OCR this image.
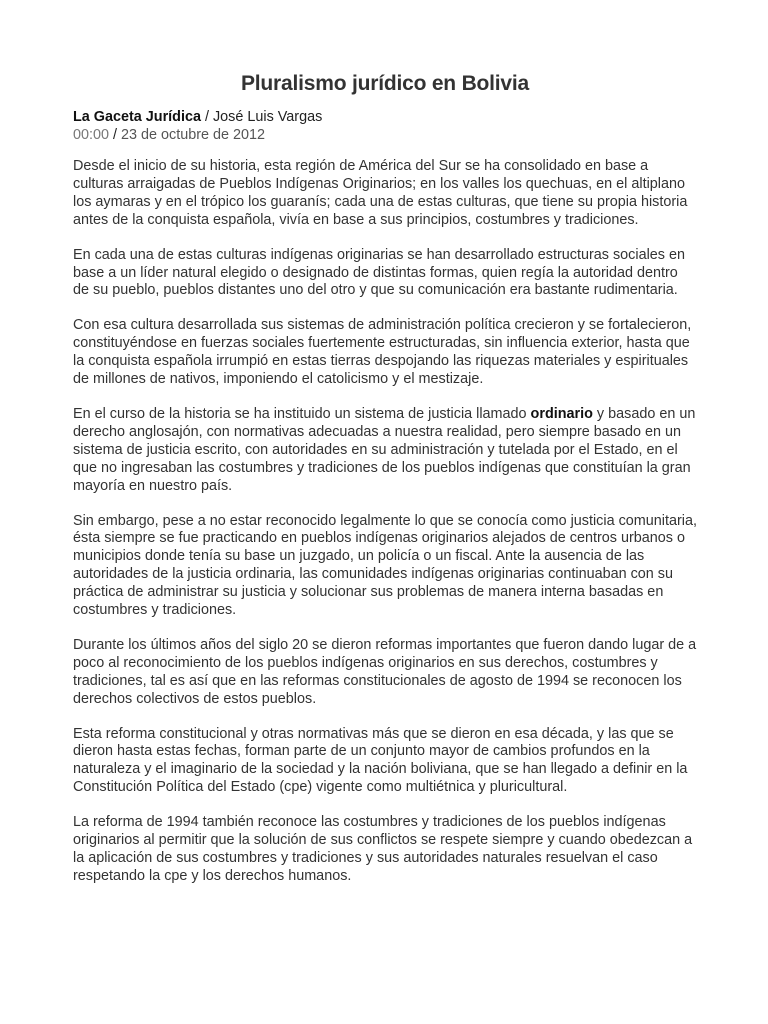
Pluralismo jurídico en Bolivia

La Gaceta Jurídica / José Luis Vargas

00:00 / 23 de octubre de 2012

Desde el inicio de su historia, esta región de América del Sur se ha consolidado en base a culturas arraigadas de Pueblos Indígenas Originarios; en los valles los quechuas, en el altiplano los aymaras y en el trópico los guaranís; cada una de estas culturas, que tiene su propia historia antes de la conquista española, vivía en base a sus principios, costumbres y tradiciones.

En cada una de estas culturas indígenas originarias se han desarrollado estructuras sociales en base a un líder natural elegido o designado de distintas formas, quien regía la autoridad dentro de su pueblo, pueblos distantes uno del otro y que su comunicación era bastante rudimentaria.

Con esa cultura desarrollada sus sistemas de administración política crecieron y se fortalecieron, constituyéndose en fuerzas sociales fuertemente estructuradas, sin influencia exterior, hasta que la conquista española irrumpió en estas tierras despojando las riquezas materiales y espirituales de millones de nativos, imponiendo el catolicismo y el mestizaje.

En el curso de la historia se ha instituido un sistema de justicia llamado ordinario y basado en un derecho anglosajón, con normativas adecuadas a nuestra realidad, pero siempre basado en un sistema de justicia escrito, con autoridades en su administración y tutelada por el Estado, en el que no ingresaban las costumbres y tradiciones de los pueblos indígenas que constituían la gran mayoría en nuestro país.

Sin embargo, pese a no estar reconocido legalmente lo que se conocía como justicia comunitaria, ésta siempre se fue practicando en pueblos indígenas originarios alejados de centros urbanos o municipios donde tenía su base un juzgado, un policía o un fiscal. Ante la ausencia de las autoridades de la justicia ordinaria, las comunidades indígenas originarias continuaban con su práctica de administrar su justicia y solucionar sus problemas de manera interna basadas en costumbres y tradiciones.

Durante los últimos años del siglo 20 se dieron reformas importantes que fueron dando lugar de a poco al reconocimiento de los pueblos indígenas originarios en sus derechos, costumbres y tradiciones, tal es así que en las reformas constitucionales de agosto de 1994 se reconocen los derechos colectivos de estos pueblos.

Esta reforma constitucional y otras normativas más que se dieron en esa década, y las que se dieron hasta estas fechas, forman parte de un conjunto mayor de cambios profundos en la naturaleza y el imaginario de la sociedad y la nación boliviana, que se han llegado a definir en la Constitución Política del Estado (cpe) vigente como multiétnica y pluricultural.

La reforma de 1994 también reconoce las costumbres y tradiciones de los pueblos indígenas originarios al permitir que la solución de sus conflictos se respete siempre y cuando obedezcan a la aplicación de sus costumbres y tradiciones y sus autoridades naturales resuelvan el caso respetando la cpe y los derechos humanos.
